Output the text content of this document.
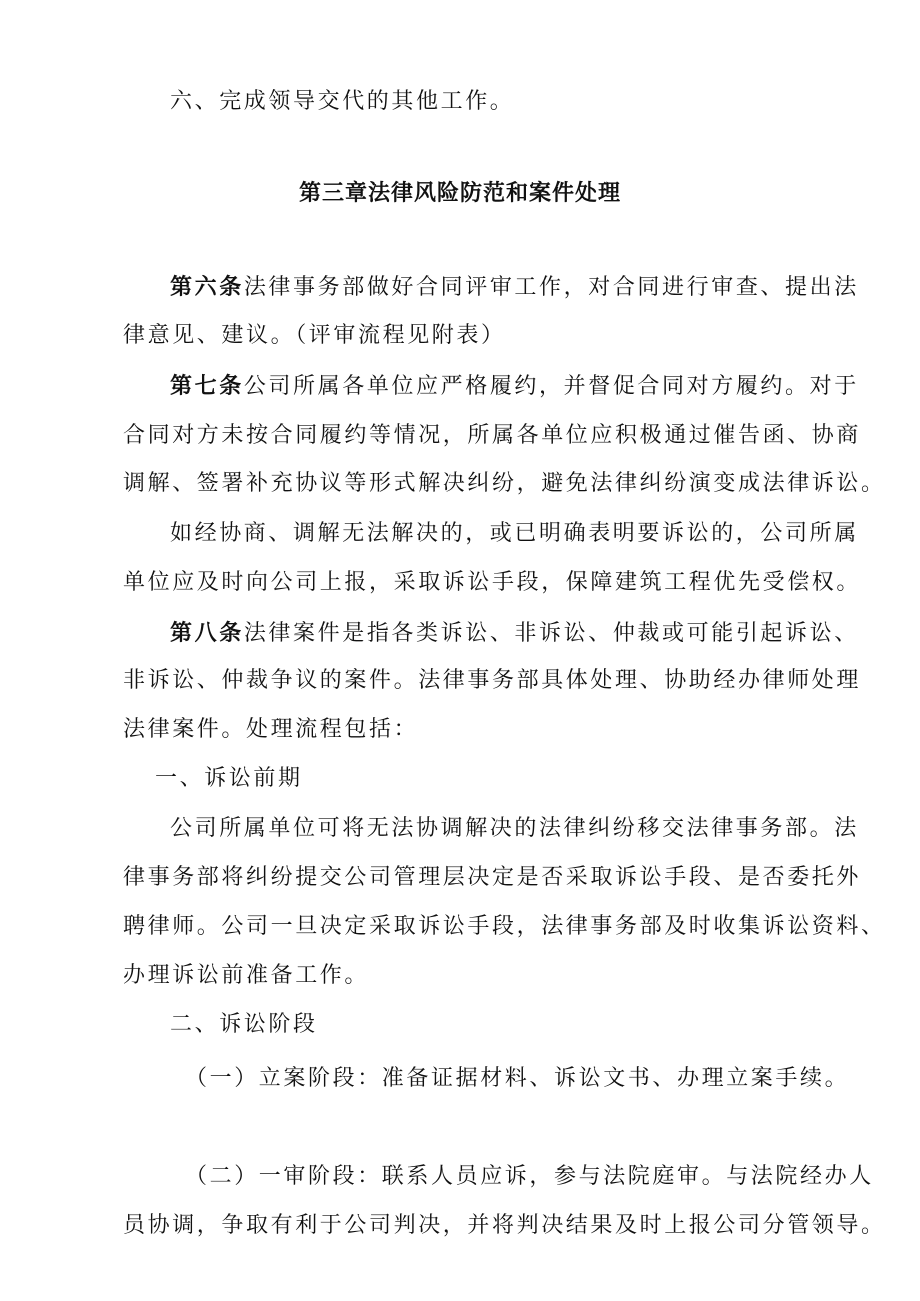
六、完成领导交代的其他工作。
第三章法律风险防范和案件处理
第六条法律事务部做好合同评审工作，对合同进行审查、提出法
律意见、建议。（评审流程见附表）
第七条公司所属各单位应严格履约，并督促合同对方履约。对于
合同对方未按合同履约等情况，所属各单位应积极通过催告函、协商
调解、签署补充协议等形式解决纠纷，避免法律纠纷演变成法律诉讼。
如经协商、调解无法解决的，或已明确表明要诉讼的，公司所属
单位应及时向公司上报，采取诉讼手段，保障建筑工程优先受偿权。
第八条法律案件是指各类诉讼、非诉讼、仲裁或可能引起诉讼、
非诉讼、仲裁争议的案件。法律事务部具体处理、协助经办律师处理
法律案件。处理流程包括：
一、诉讼前期
公司所属单位可将无法协调解决的法律纠纷移交法律事务部。法
律事务部将纠纷提交公司管理层决定是否采取诉讼手段、是否委托外
聘律师。公司一旦决定采取诉讼手段，法律事务部及时收集诉讼资料、
办理诉讼前准备工作。
二、诉讼阶段
（一）立案阶段：准备证据材料、诉讼文书、办理立案手续。
（二）一审阶段：联系人员应诉，参与法院庭审。与法院经办人
员协调，争取有利于公司判决，并将判决结果及时上报公司分管领导。
